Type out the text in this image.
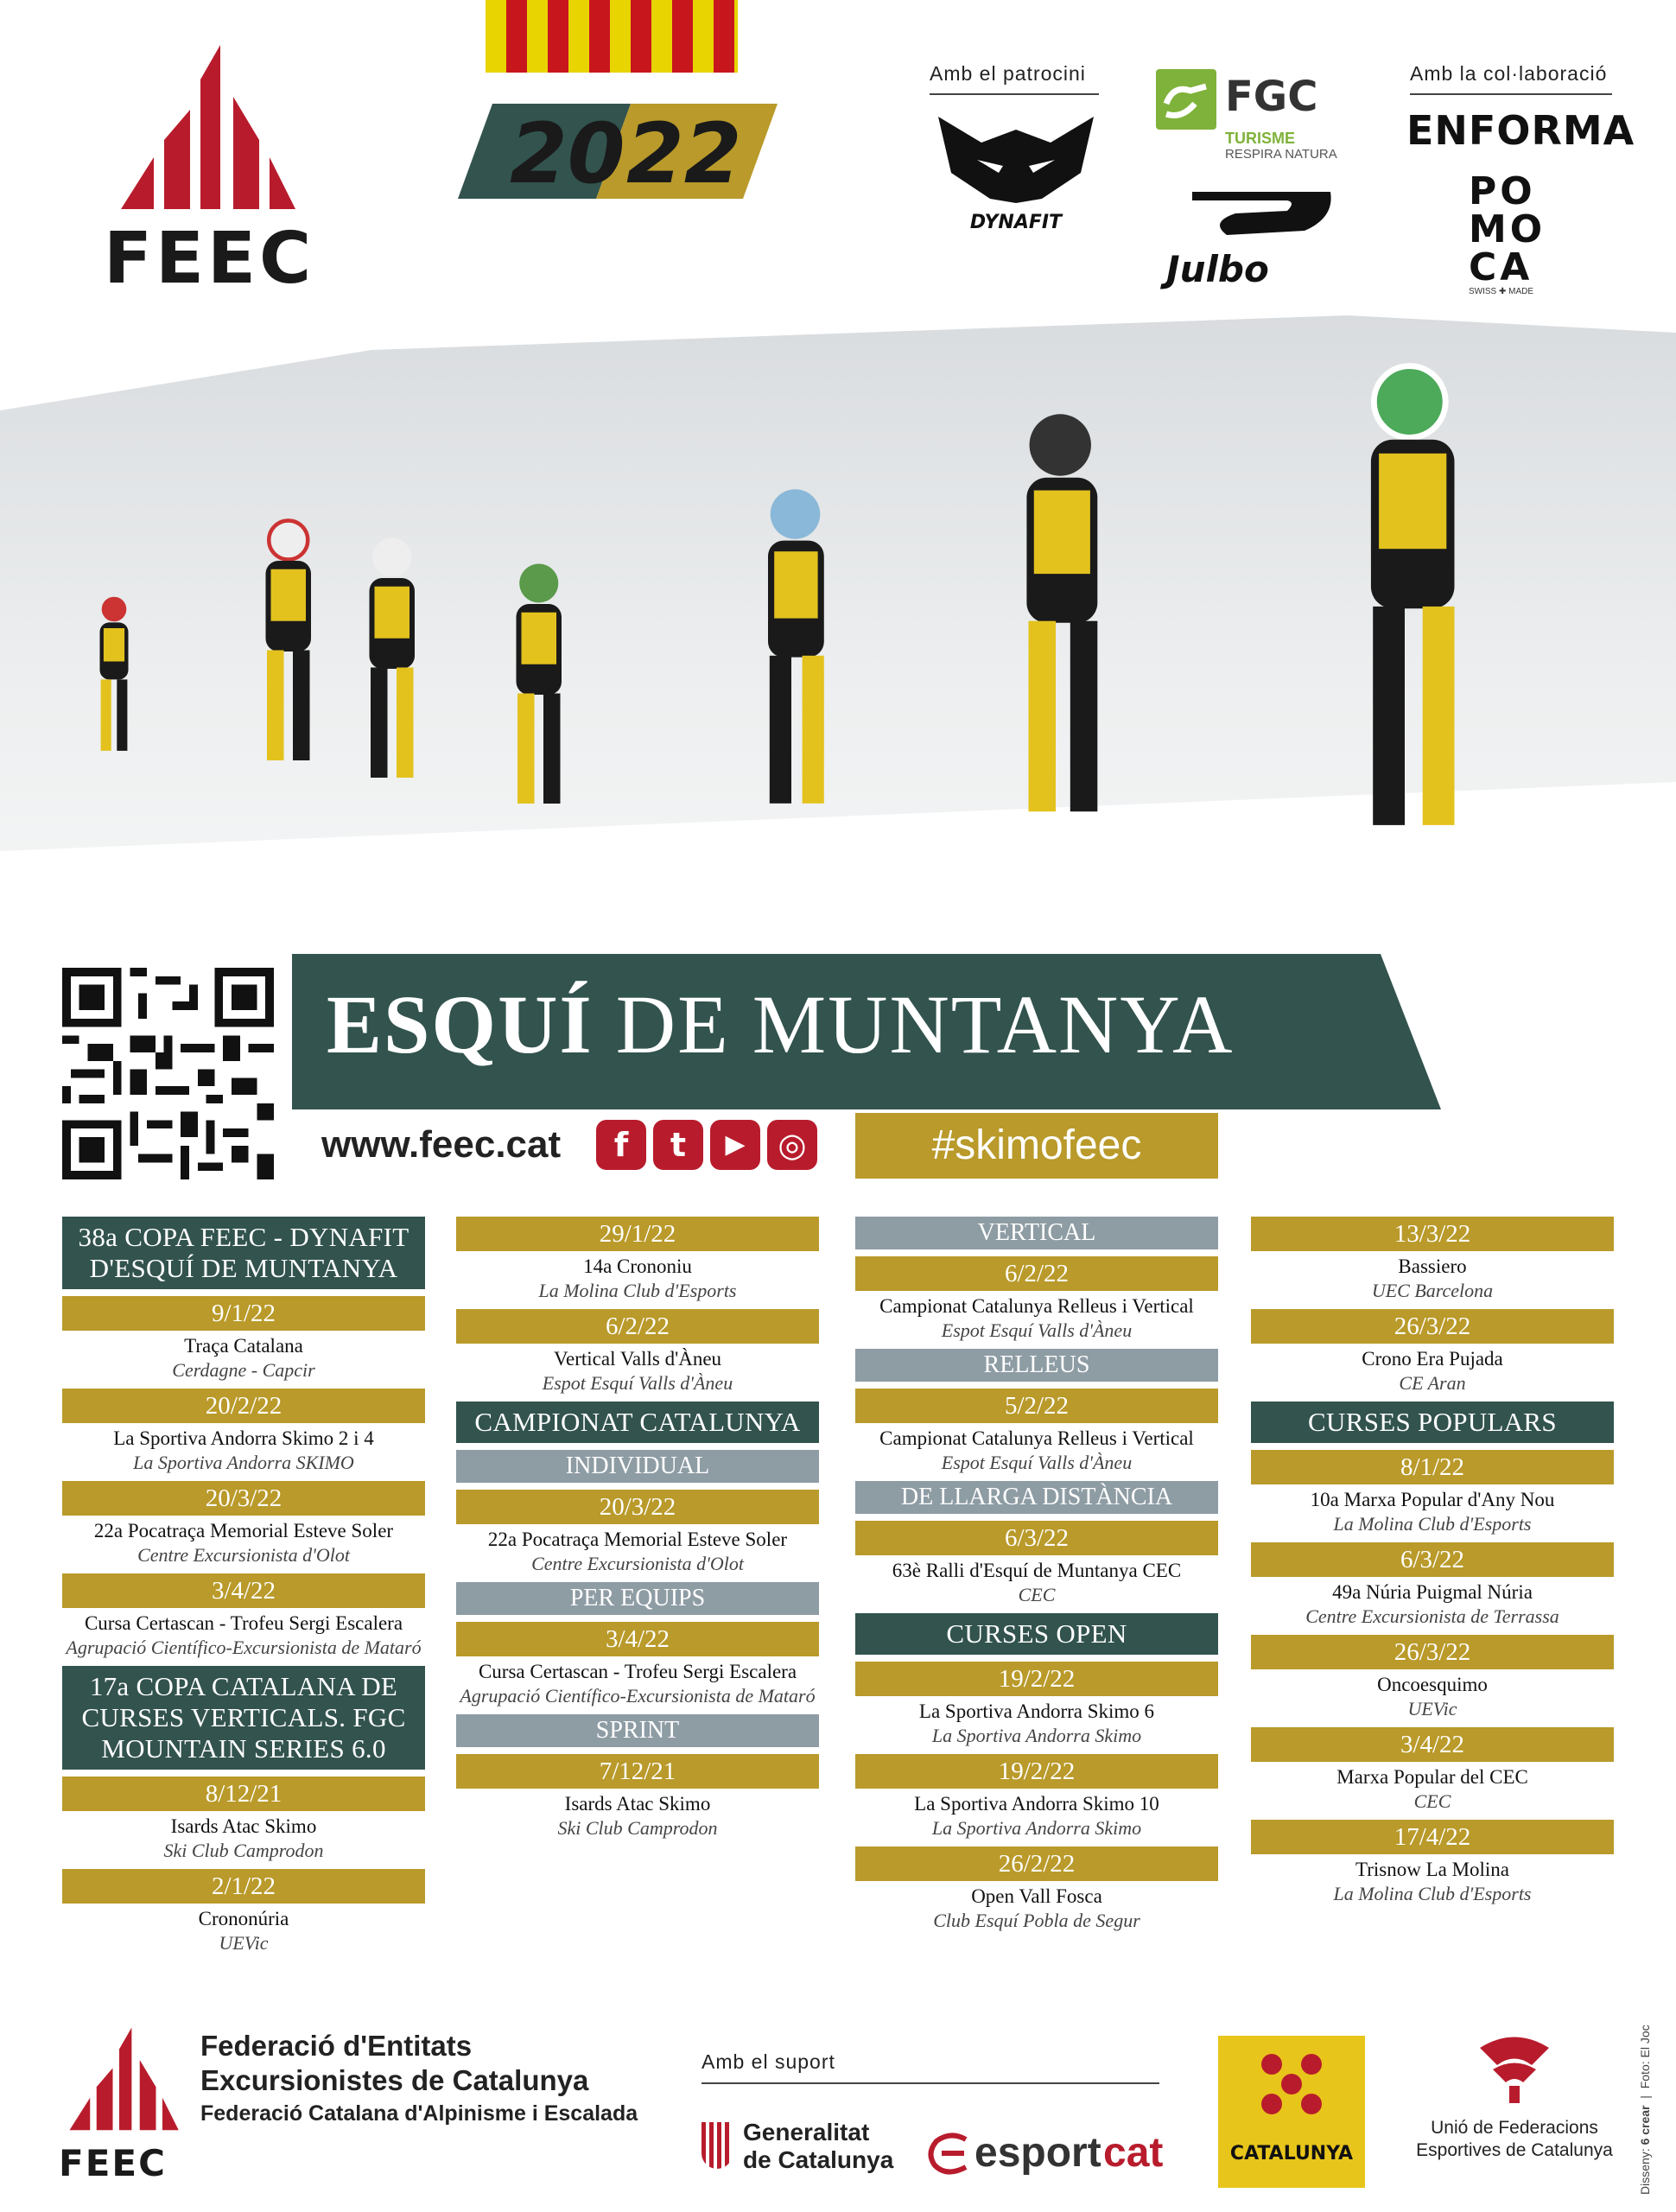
FEEC
20 22
Amb el patrocini	Amb la col·laboració
DYNAFIT
FGC
TURISME
RESPIRA NATURA
Julbo
ENFORMA
PO
MO
CA
SWISS ✚ MADE
ESQUÍ DE MUNTANYA
www.feec.cat	f	t	▶ ◎	#skimofeec
38a COPA FEEC - DYNAFIT D'ESQUÍ DE MUNTANYA
9/1/22
Traça Catalana
Cerdagne - Capcir
20/2/22
La Sportiva Andorra Skimo 2 i 4
La Sportiva Andorra SKIMO
20/3/22
22a Pocatraça Memorial Esteve Soler
Centre Excursionista d'Olot
3/4/22
Cursa Certascan - Trofeu Sergi Escalera
Agrupació Científico-Excursionista de Mataró
17a COPA CATALANA DE CURSES VERTICALS. FGC MOUNTAIN SERIES 6.0
8/12/21
Isards Atac Skimo
Ski Club Camprodon
2/1/22
Crononúria
UEVic
29/1/22
14a Crononiu
La Molina Club d'Esports
6/2/22
Vertical Valls d'Àneu
Espot Esquí Valls d'Àneu
CAMPIONAT CATALUNYA
INDIVIDUAL
20/3/22
22a Pocatraça Memorial Esteve Soler
Centre Excursionista d'Olot
PER EQUIPS
3/4/22
Cursa Certascan - Trofeu Sergi Escalera
Agrupació Científico-Excursionista de Mataró
SPRINT
7/12/21
Isards Atac Skimo
Ski Club Camprodon
VERTICAL
6/2/22
Campionat Catalunya Relleus i Vertical
Espot Esquí Valls d'Àneu
RELLEUS
5/2/22
Campionat Catalunya Relleus i Vertical
Espot Esquí Valls d'Àneu
DE LLARGA DISTÀNCIA
6/3/22
63è Ralli d'Esquí de Muntanya CEC
CEC
CURSES OPEN
19/2/22
La Sportiva Andorra Skimo 6
La Sportiva Andorra Skimo
19/2/22
La Sportiva Andorra Skimo 10
La Sportiva Andorra Skimo
26/2/22
Open Vall Fosca
Club Esquí Pobla de Segur
13/3/22
Bassiero
UEC Barcelona
26/3/22
Crono Era Pujada
CE Aran
CURSES POPULARS
8/1/22
10a Marxa Popular d'Any Nou
La Molina Club d'Esports
6/3/22
49a Núria Puigmal Núria
Centre Excursionista de Terrassa
26/3/22
Oncoesquimo
UEVic
3/4/22
Marxa Popular del CEC
CEC
17/4/22
Trisnow La Molina
La Molina Club d'Esports
Disseny: 6 crear  |  Foto: El Joc
FEEC
Federació d'Entitats
Excursionistes de Catalunya
Federació Catalana d'Alpinisme i Escalada
Amb el suport
Generalitat
de Catalunya esport cat	CATALUNYA
Unió de Federacions
Esportives de Catalunya
